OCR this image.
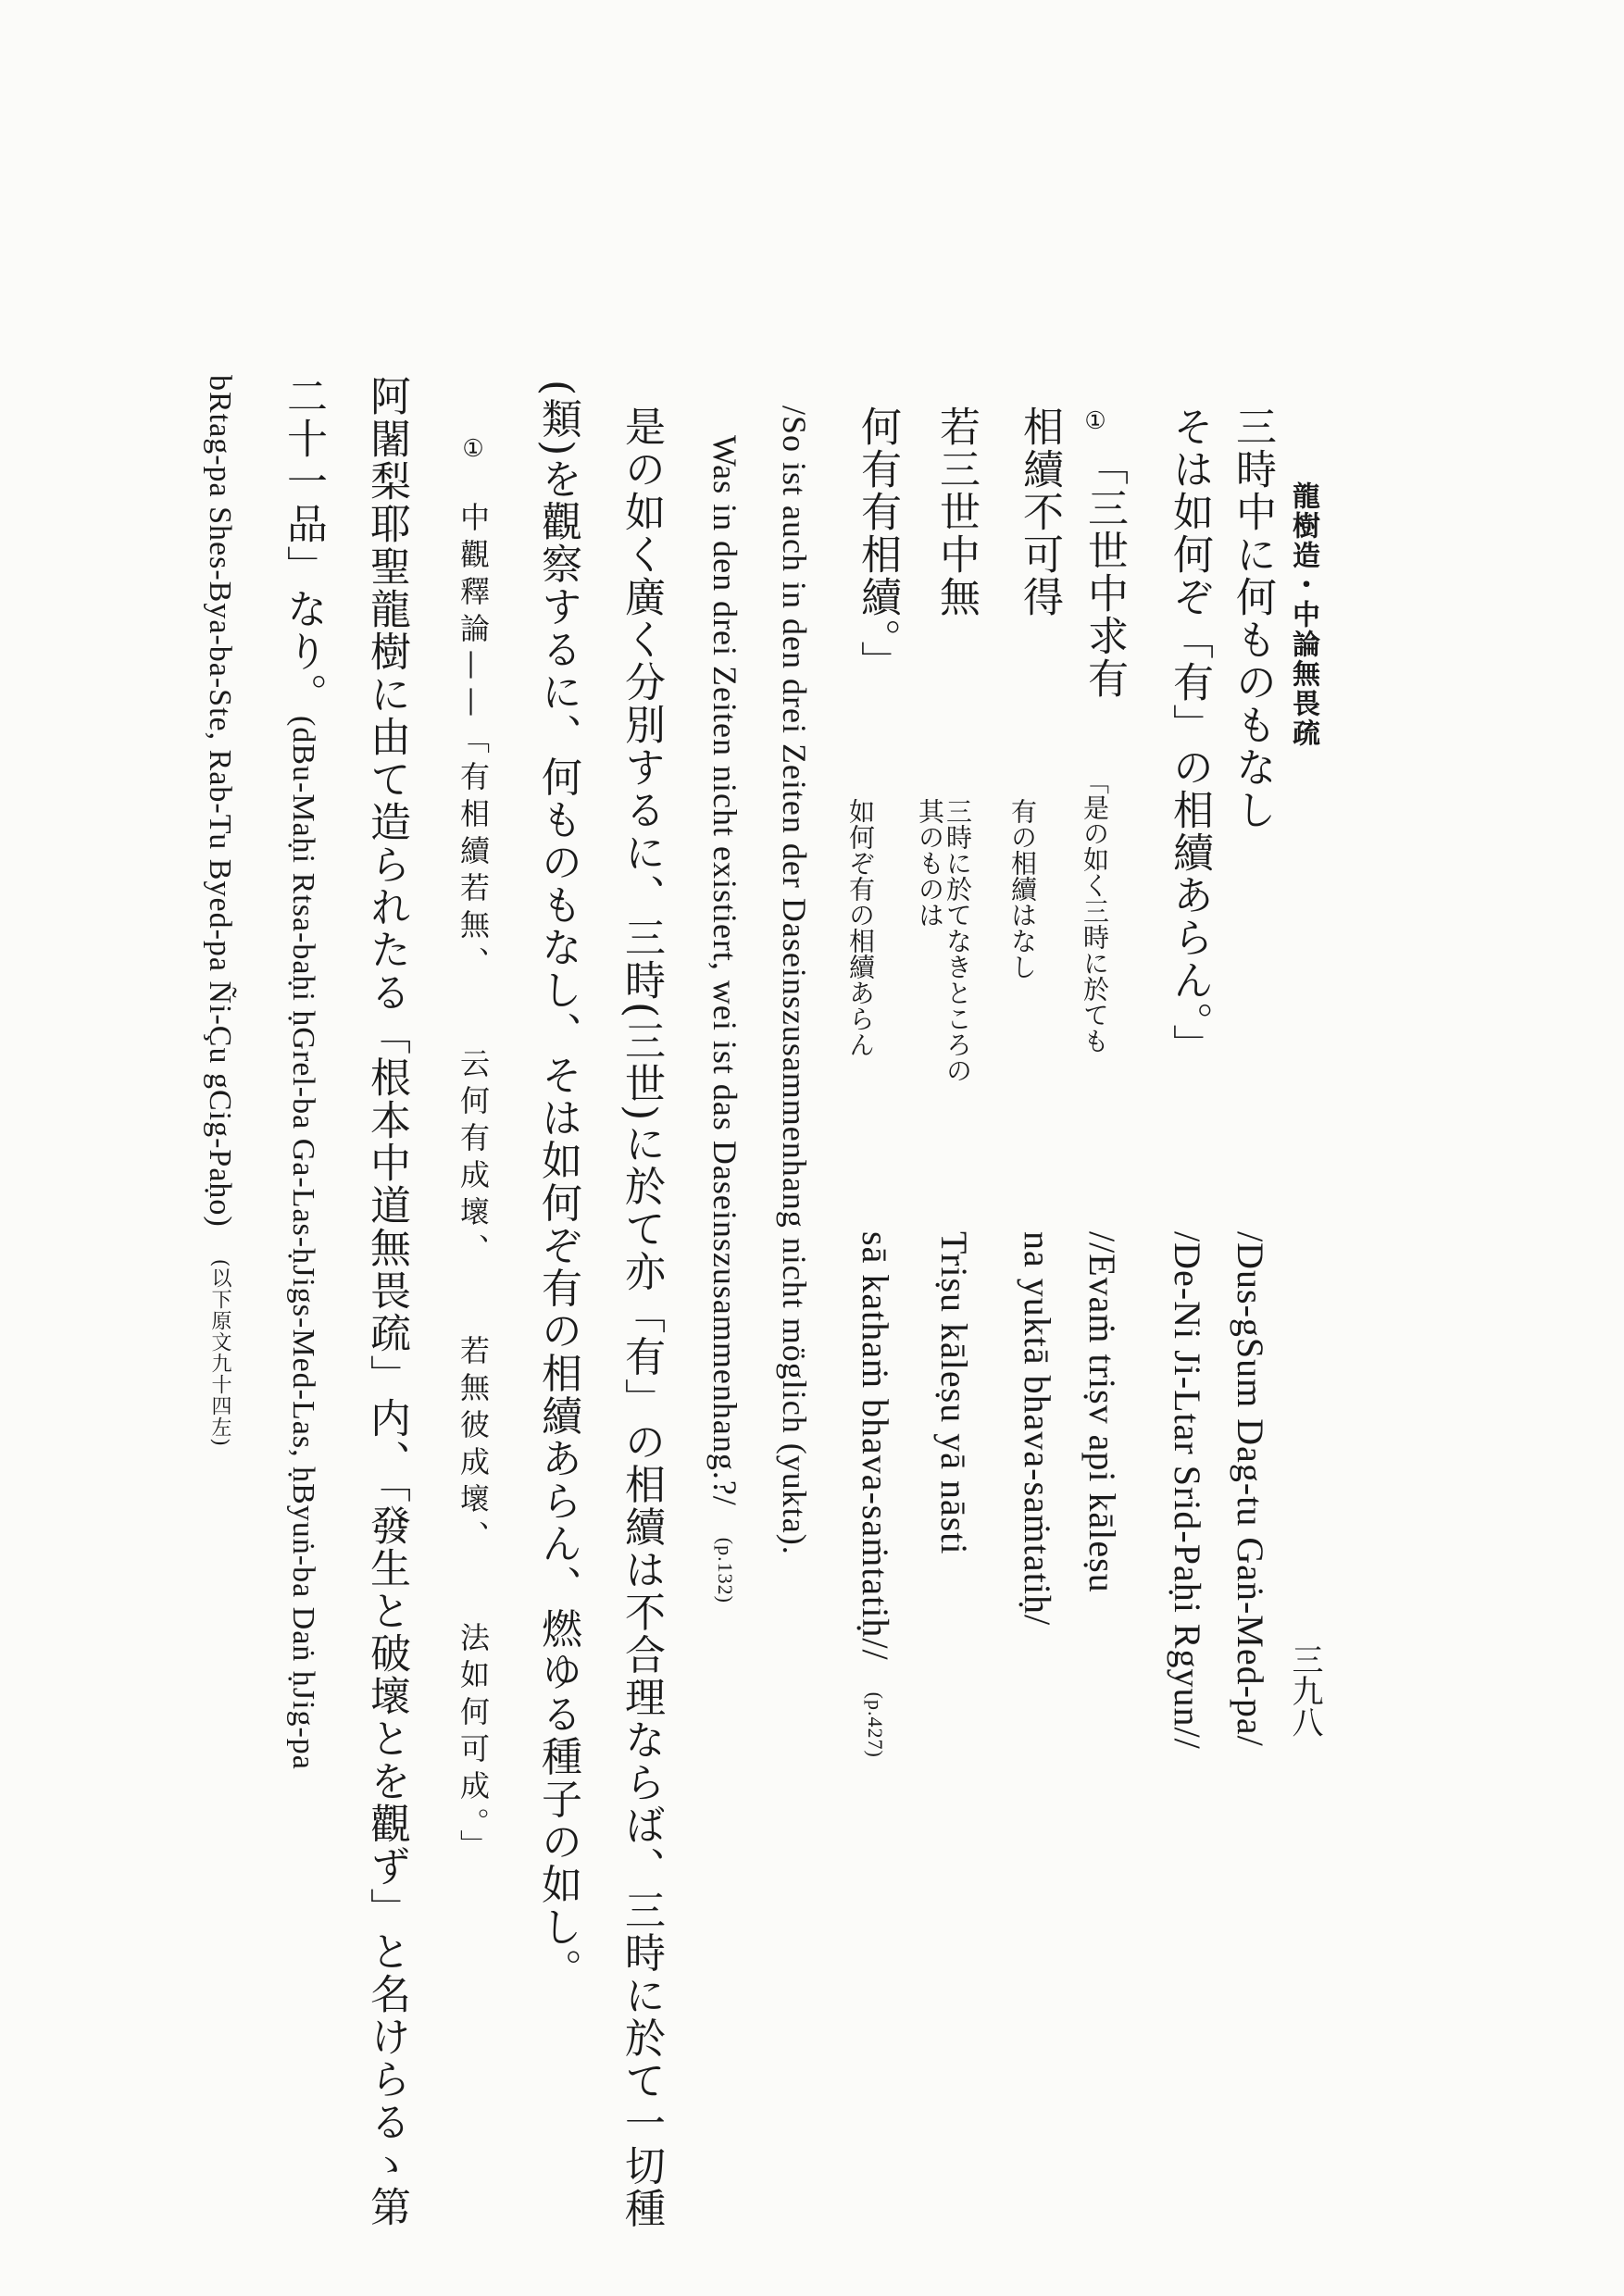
龍樹造・中論無畏疏
三九八
三時中に何ものもなし
そは如何ぞ「有」の相續あらん。」
①
「三世中求有
相續不可得
若三世中無
何有有相續。」
「是の如く三時に於ても
有の相續はなし
三時に於てなきところの
其のものは
如何ぞ有の相續あらん
/Dus-gSum Dag-tu Gaṅ-Med-pa/
/De-Ni Ji-Ltar Srid-Paḥi Rgyun//
//Evaṁ triṣv api kāleṣu
na yuktā bhava-saṁtatiḥ/
Triṣu kāleṣu yā nāsti
sā kathaṁ bhava-saṁtatiḥ//(p.427)
/So ist auch in den drei Zeiten der Daseinszusammenhang nicht möglich (yukta).
Was in den drei Zeiten nicht existiert, wei ist das Daseinszusammenhang.?/(p.132)
是の如く廣く分別するに、三時(三世)に於て亦「有」の相續は不合理ならば、三時に於て一切種
(類)を觀察するに、何ものもなし、そは如何ぞ有の相續あらん、燃ゆる種子の如し。
①中觀釋論——「有相續若無、云何有成壞、若無彼成壞、法如何可成。」
阿闍梨耶聖龍樹に由て造られたる「根本中道無畏疏」内、「發生と破壞とを觀ず」と名けらるゝ第
二十一品」なり。(dBu-Maḥi Rtsa-baḥi ḥGrel-ba Ga-Las-ḥJigs-Med-Las, ḥByuṅ-ba Daṅ ḥJig-pa
bRtag-pa Shes-Bya-ba-Ste, Rab-Tu Byed-pa Ñi-Çu gCig-Paḥo)(以下原文九十四左)
